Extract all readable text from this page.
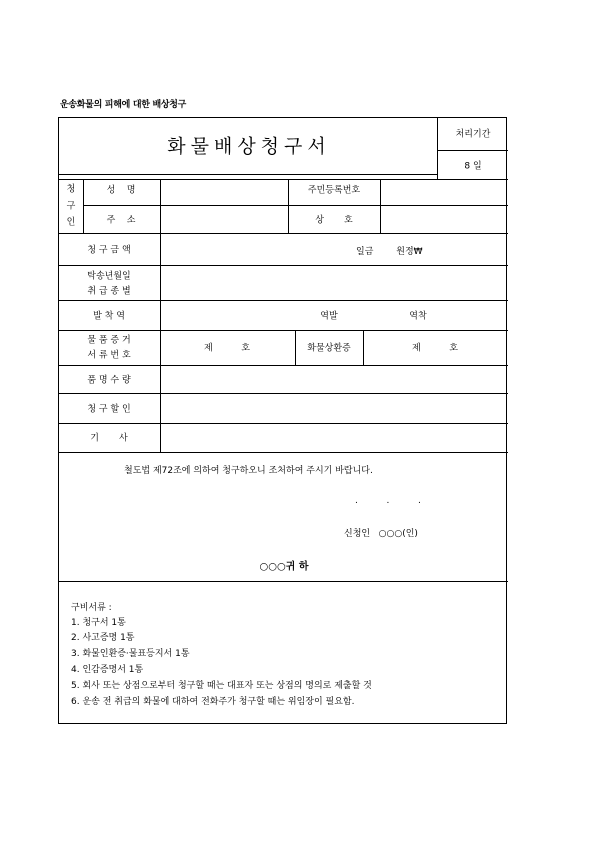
운송화물의 피해에 대한 배상청구
화물배상청구서
처리기간
8 일
청
구
인
성    명	주민등록번호
주    소	상       호
청 구 금 액	일금        원정₩
탁송년월일
취 급 종 별
발 착 역	역발	역착
물 품 증 거
서 류 번 호
제          호	화물상환증	제          호
품 명 수 량
청 구 할 인
기       사
철도법 제72조에 의하여 청구하오니 조처하여 주시기 바랍니다.
.          .          .
신청인   ○○○(인)
○○○귀 하
구비서류 :
1. 청구서 1통
2. 사고증명 1통
3. 화물인환증·물표등지서 1통
4. 인감증명서 1통
5. 회사 또는 상점으로부터 청구할 때는 대표자 또는 상점의 명의로 제출할 것
6. 운송 전 취급의 화물에 대하여 전화주가 청구할 때는 위임장이 필요함.
